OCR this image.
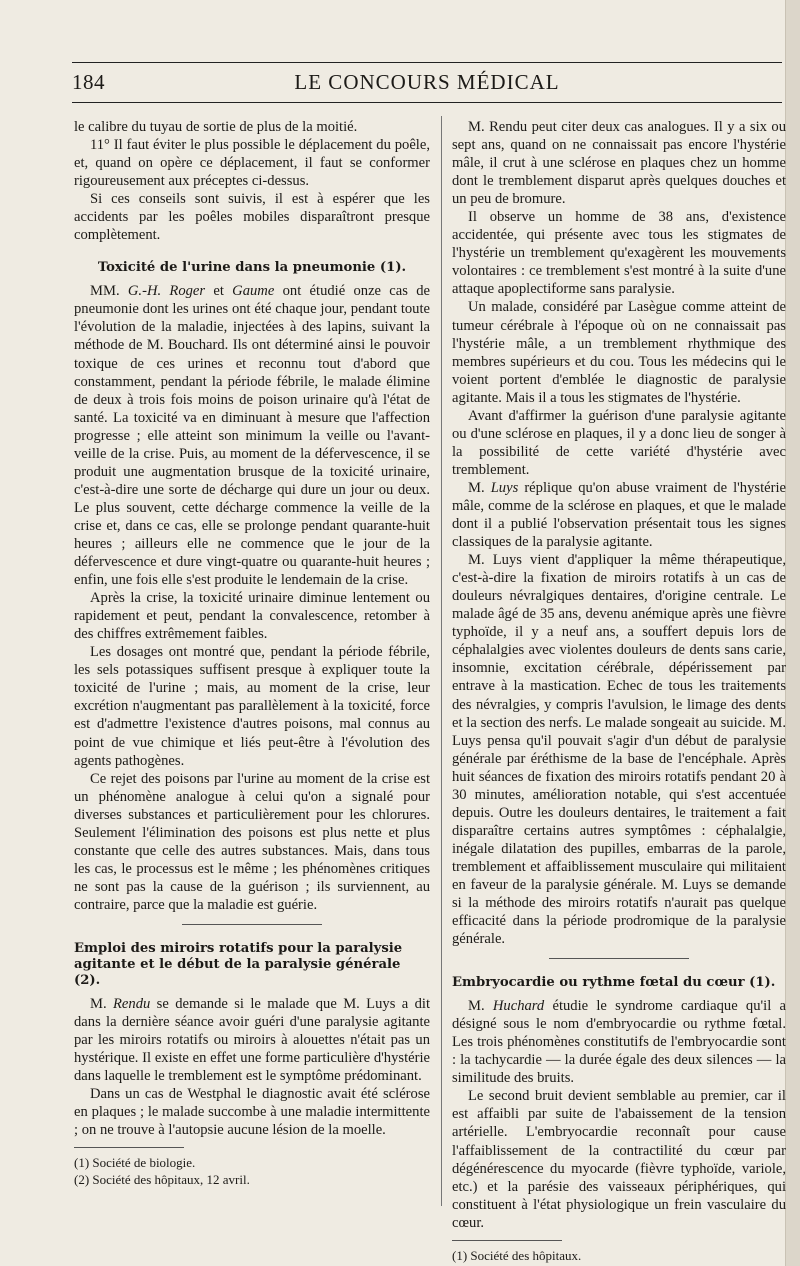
184	LE CONCOURS MÉDICAL

le calibre du tuyau de sortie de plus de la moitié.

11° Il faut éviter le plus possible le déplacement du poêle, et, quand on opère ce déplacement, il faut se conformer rigoureusement aux préceptes ci-dessus.

Si ces conseils sont suivis, il est à espérer que les accidents par les poêles mobiles disparaîtront presque complètement.

Toxicité de l'urine dans la pneumonie (1).

MM. G.-H. Roger et Gaume ont étudié onze cas de pneumonie dont les urines ont été chaque jour, pendant toute l'évolution de la maladie, injectées à des lapins, suivant la méthode de M. Bouchard. Ils ont déterminé ainsi le pouvoir toxique de ces urines et reconnu tout d'abord que constamment, pendant la période fébrile, le malade élimine de deux à trois fois moins de poison urinaire qu'à l'état de santé. La toxicité va en diminuant à mesure que l'affection progresse ; elle atteint son minimum la veille ou l'avant-veille de la crise. Puis, au moment de la défervescence, il se produit une augmentation brusque de la toxicité urinaire, c'est-à-dire une sorte de décharge qui dure un jour ou deux. Le plus souvent, cette décharge commence la veille de la crise et, dans ce cas, elle se prolonge pendant quarante-huit heures ; ailleurs elle ne commence que le jour de la défervescence et dure vingt-quatre ou quarante-huit heures ; enfin, une fois elle s'est produite le lendemain de la crise.

Après la crise, la toxicité urinaire diminue lentement ou rapidement et peut, pendant la convalescence, retomber à des chiffres extrêmement faibles.

Les dosages ont montré que, pendant la période fébrile, les sels potassiques suffisent presque à expliquer toute la toxicité de l'urine ; mais, au moment de la crise, leur excrétion n'augmentant pas parallèlement à la toxicité, force est d'admettre l'existence d'autres poisons, mal connus au point de vue chimique et liés peut-être à l'évolution des agents pathogènes.

Ce rejet des poisons par l'urine au moment de la crise est un phénomène analogue à celui qu'on a signalé pour diverses substances et particulièrement pour les chlorures. Seulement l'élimination des poisons est plus nette et plus constante que celle des autres substances. Mais, dans tous les cas, le processus est le même ; les phénomènes critiques ne sont pas la cause de la guérison ; ils surviennent, au contraire, parce que la maladie est guérie.

Emploi des miroirs rotatifs pour la paralysie agitante et le début de la paralysie générale (2).

M. Rendu se demande si le malade que M. Luys a dit dans la dernière séance avoir guéri d'une paralysie agitante par les miroirs rotatifs ou miroirs à alouettes n'était pas un hystérique. Il existe en effet une forme particulière d'hystérie dans laquelle le tremblement est le symptôme prédominant.

Dans un cas de Westphal le diagnostic avait été sclérose en plaques ; le malade succombe à une maladie intermittente ; on ne trouve à l'autopsie aucune lésion de la moelle.

(1) Société de biologie.

(2) Société des hôpitaux, 12 avril.

M. Rendu peut citer deux cas analogues. Il y a six ou sept ans, quand on ne connaissait pas encore l'hystérie mâle, il crut à une sclérose en plaques chez un homme dont le tremblement disparut après quelques douches et un peu de bromure.

Il observe un homme de 38 ans, d'existence accidentée, qui présente avec tous les stigmates de l'hystérie un tremblement qu'exagèrent les mouvements volontaires : ce tremblement s'est montré à la suite d'une attaque apoplectiforme sans paralysie.

Un malade, considéré par Lasègue comme atteint de tumeur cérébrale à l'époque où on ne connaissait pas l'hystérie mâle, a un tremblement rhythmique des membres supérieurs et du cou. Tous les médecins qui le voient portent d'emblée le diagnostic de paralysie agitante. Mais il a tous les stigmates de l'hystérie.

Avant d'affirmer la guérison d'une paralysie agitante ou d'une sclérose en plaques, il y a donc lieu de songer à la possibilité de cette variété d'hystérie avec tremblement.

M. Luys réplique qu'on abuse vraiment de l'hystérie mâle, comme de la sclérose en plaques, et que le malade dont il a publié l'observation présentait tous les signes classiques de la paralysie agitante.

M. Luys vient d'appliquer la même thérapeutique, c'est-à-dire la fixation de miroirs rotatifs à un cas de douleurs névralgiques dentaires, d'origine centrale. Le malade âgé de 35 ans, devenu anémique après une fièvre typhoïde, il y a neuf ans, a souffert depuis lors de céphalalgies avec violentes douleurs de dents sans carie, insomnie, excitation cérébrale, dépérissement par entrave à la mastication. Echec de tous les traitements des névralgies, y compris l'avulsion, le limage des dents et la section des nerfs. Le malade songeait au suicide. M. Luys pensa qu'il pouvait s'agir d'un début de paralysie générale par éréthisme de la base de l'encéphale. Après huit séances de fixation des miroirs rotatifs pendant 20 à 30 minutes, amélioration notable, qui s'est accentuée depuis. Outre les douleurs dentaires, le traitement a fait disparaître certains autres symptômes : céphalalgie, inégale dilatation des pupilles, embarras de la parole, tremblement et affaiblissement musculaire qui militaient en faveur de la paralysie générale. M. Luys se demande si la méthode des miroirs rotatifs n'aurait pas quelque efficacité dans la période prodromique de la paralysie générale.

Embryocardie ou rythme fœtal du cœur (1).

M. Huchard étudie le syndrome cardiaque qu'il a désigné sous le nom d'embryocardie ou rythme fœtal. Les trois phénomènes constitutifs de l'embryocardie sont : la tachycardie — la durée égale des deux silences — la similitude des bruits.

Le second bruit devient semblable au premier, car il est affaibli par suite de l'abaissement de la tension artérielle. L'embryocardie reconnaît pour cause l'affaiblissement de la contractilité du cœur par dégénérescence du myocarde (fièvre typhoïde, variole, etc.) et la parésie des vaisseaux périphériques, qui constituent à l'état physiologique un frein vasculaire du cœur.

(1) Société des hôpitaux.
